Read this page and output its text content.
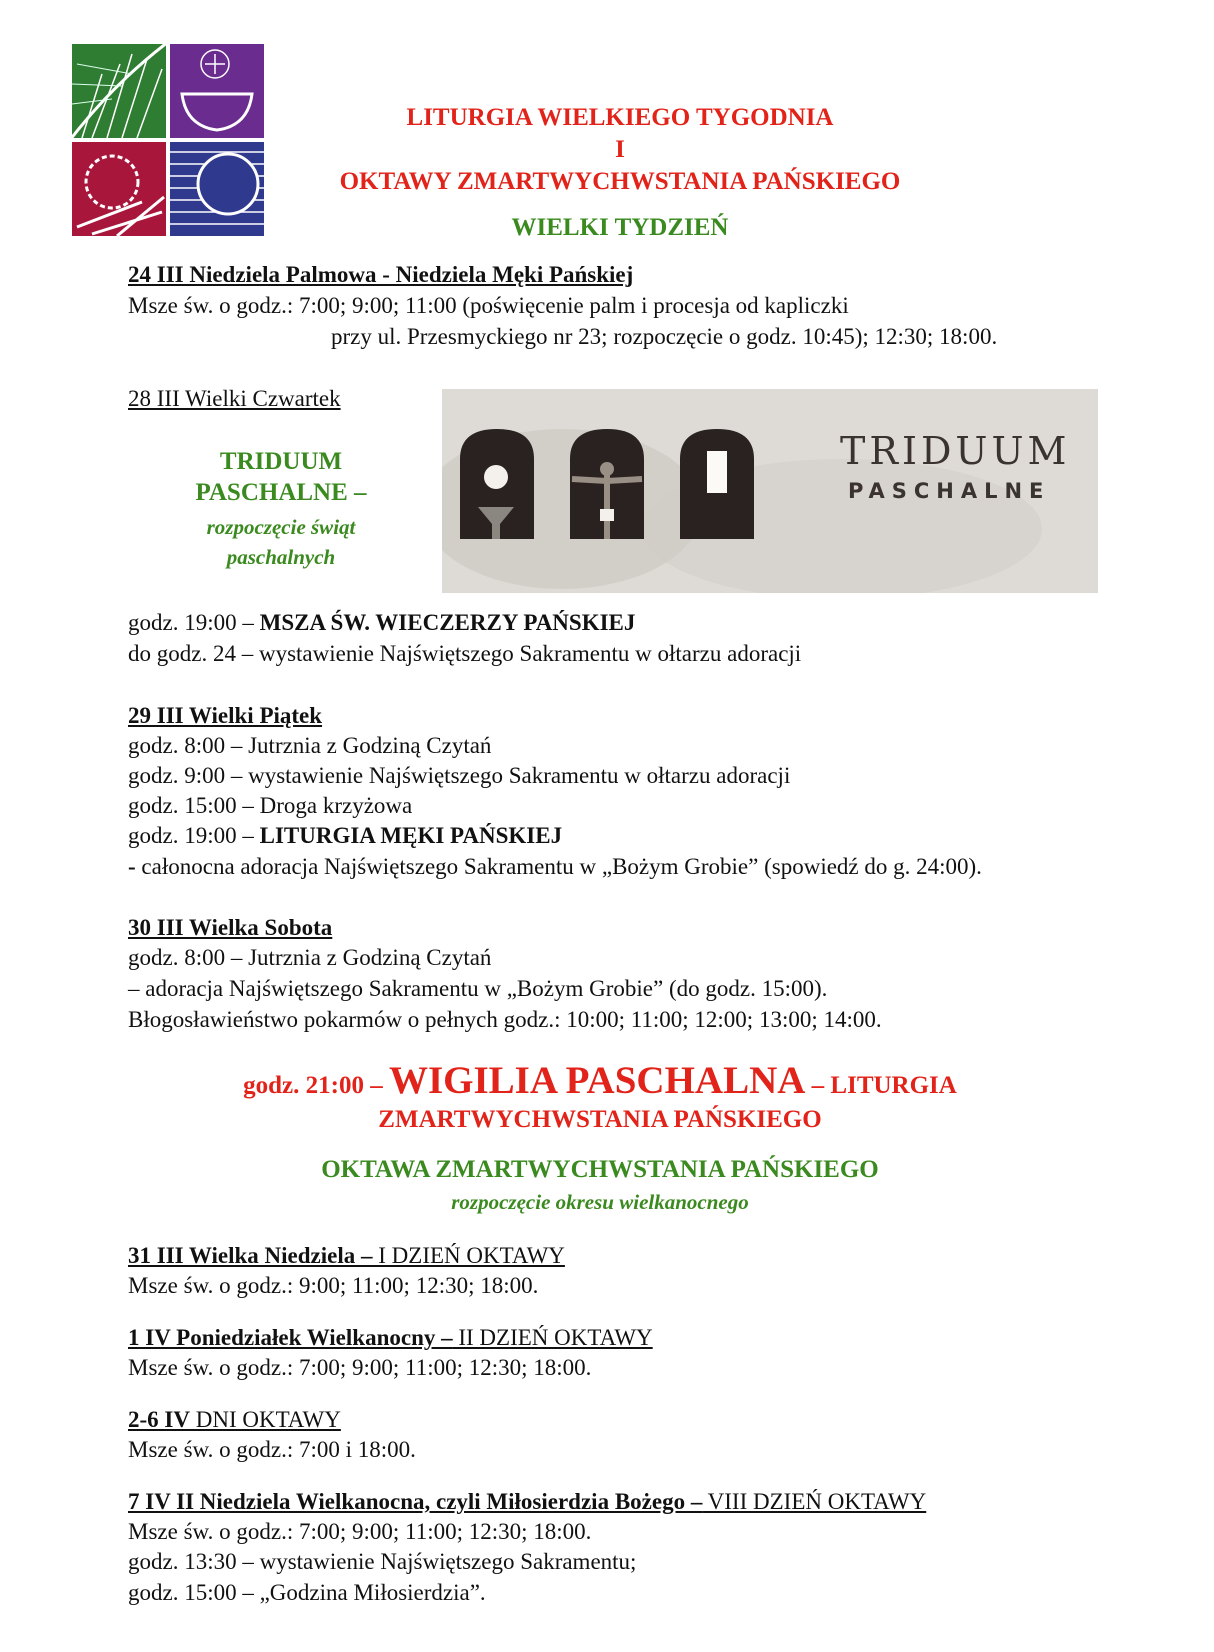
LITURGIA WIELKIEGO TYGODNIA
I
OKTAWY ZMARTWYCHWSTANIA PAŃSKIEGO
WIELKI TYDZIEŃ
24 III Niedziela Palmowa - Niedziela Męki Pańskiej
Msze św. o godz.: 7:00; 9:00; 11:00 (poświęcenie palm i procesja od kapliczki
przy ul. Przesmyckiego nr 23; rozpoczęcie o godz. 10:45); 12:30; 18:00.
28 III Wielki Czwartek
TRIDUUM
PASCHALNE –
rozpoczęcie świąt
paschalnych
TRIDUUM
PASCHALNE
godz. 19:00 – MSZA ŚW. WIECZERZY PAŃSKIEJ
do godz. 24 – wystawienie Najświętszego Sakramentu w ołtarzu adoracji
29 III Wielki Piątek
godz. 8:00 – Jutrznia z Godziną Czytań
godz. 9:00 – wystawienie Najświętszego Sakramentu w ołtarzu adoracji
godz. 15:00 – Droga krzyżowa
godz. 19:00 – LITURGIA MĘKI PAŃSKIEJ
- całonocna adoracja Najświętszego Sakramentu w „Bożym Grobie” (spowiedź do g. 24:00).
30 III Wielka Sobota
godz. 8:00 – Jutrznia z Godziną Czytań
– adoracja Najświętszego Sakramentu w „Bożym Grobie” (do godz. 15:00).
Błogosławieństwo pokarmów o pełnych godz.: 10:00; 11:00; 12:00; 13:00; 14:00.
godz. 21:00 – WIGILIA PASCHALNA – LITURGIA
ZMARTWYCHWSTANIA PAŃSKIEGO
OKTAWA ZMARTWYCHWSTANIA PAŃSKIEGO
rozpoczęcie okresu wielkanocnego
31 III Wielka Niedziela – I DZIEŃ OKTAWY
Msze św. o godz.: 9:00; 11:00; 12:30; 18:00.
1 IV Poniedziałek Wielkanocny – II DZIEŃ OKTAWY
Msze św. o godz.: 7:00; 9:00; 11:00; 12:30; 18:00.
2-6 IV DNI OKTAWY
Msze św. o godz.: 7:00 i 18:00.
7 IV II Niedziela Wielkanocna, czyli Miłosierdzia Bożego – VIII DZIEŃ OKTAWY
Msze św. o godz.: 7:00; 9:00; 11:00; 12:30; 18:00.
godz. 13:30 – wystawienie Najświętszego Sakramentu;
godz. 15:00 – „Godzina Miłosierdzia”.
